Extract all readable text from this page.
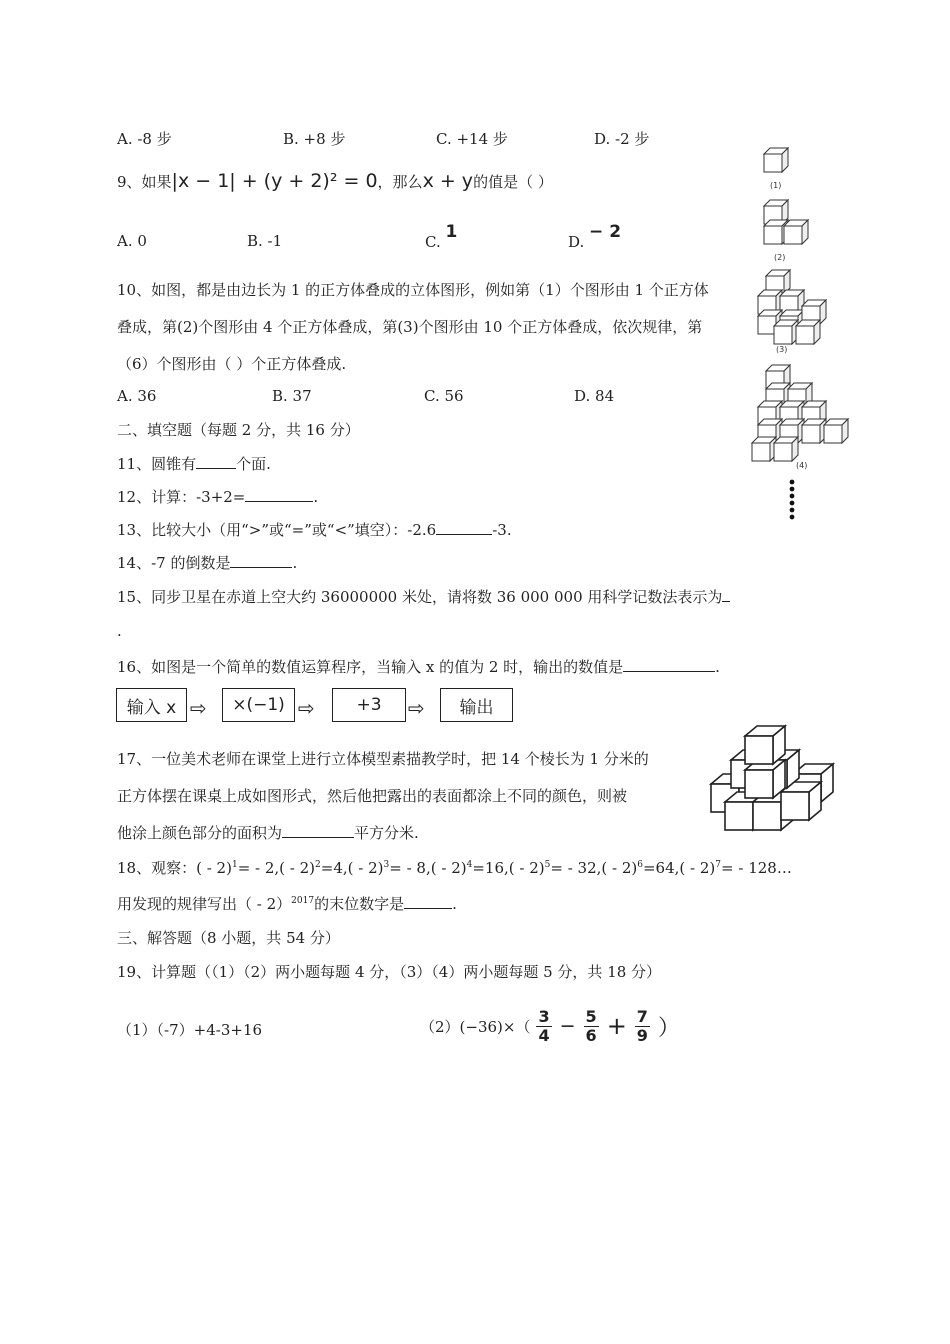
A. -8 步	B. +8 步	C. +14 步	D. -2 步
9、如果|x − 1| + (y + 2)² = 0，那么x + y的值是（ ）
A. 0	B. -1	C. 1	D. − 2
10、如图，都是由边长为 1 的正方体叠成的立体图形，例如第（1）个图形由 1 个正方体
叠成，第(2)个图形由 4 个正方体叠成，第(3)个图形由 10 个正方体叠成，依次规律，第
（6）个图形由（ ）个正方体叠成.
A. 36	B. 37	C. 56	D. 84
(1)
(2)
(3)
(4)
二、填空题（每题 2 分，共 16 分）
11、圆锥有	个面.
12、计算：-3+2=	.
13、比较大小（用“>”或“=”或“<”填空）：-2.6	-3.
14、-7 的倒数是	.
15、同步卫星在赤道上空大约 36000000 米处，请将数 36 000 000 用科学记数法表示为
.
16、如图是一个简单的数值运算程序，当输入 x 的值为 2 时，输出的数值是	.
输入 x ⇨	×(−1) ⇨	+3	⇨	输出
17、一位美术老师在课堂上进行立体模型素描教学时，把 14 个棱长为 1 分米的
正方体摆在课桌上成如图形式，然后他把露出的表面都涂上不同的颜色，则被
他涂上颜色部分的面积为	平方分米.
18、观察：( - 2)$^1$= - 2,( - 2)$^2$=4,( - 2)$^3$= - 8,( - 2)$^4$=16,( - 2)$^5$= - 32,( - 2)$^6$=64,( - 2)$^7$= - 128…
用发现的规律写出（ - 2）$^{2017}$的末位数字是	.
三、解答题（8 小题，共 54 分）
19、计算题（（1）（2）两小题每题 4 分，（3）（4）两小题每题 5 分，共 18 分）
（1）（-7）+4-3+16	$(2)(-36)\times( \frac{3}{4} - \frac{5}{6} + \frac{7}{9}$ ）
